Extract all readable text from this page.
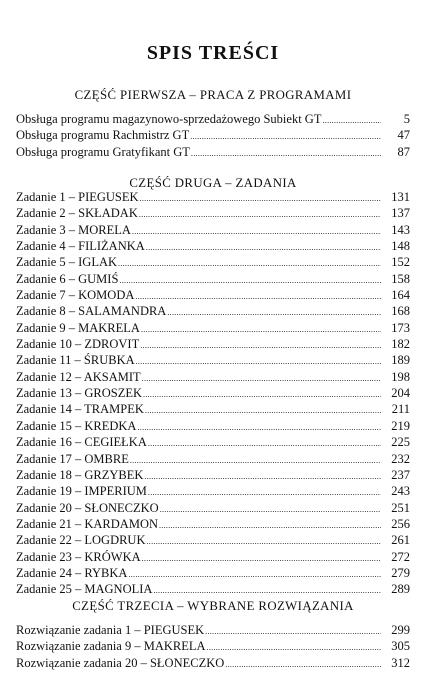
SPIS TREŚCI
CZĘŚĆ PIERWSZA – PRACA Z PROGRAMAMI
Obsługa programu magazynowo-sprzedażowego Subiekt GT .....	5
Obsługa programu Rachmistrz GT .....	47
Obsługa programu Gratyfikant GT .....	87
CZĘŚĆ DRUGA – ZADANIA
Zadanie 1 – PIEGUSEK .....	131
Zadanie 2 – SKŁADAK .....	137
Zadanie 3 – MORELA .....	143
Zadanie 4 – FILIŻANKA .....	148
Zadanie 5 – IGLAK .....	152
Zadanie 6 – GUMIŚ .....	158
Zadanie 7 – KOMODA .....	164
Zadanie 8 – SALAMANDRA .....	168
Zadanie 9 – MAKRELA .....	173
Zadanie 10 – ZDROVIT .....	182
Zadanie 11 – ŚRUBKA .....	189
Zadanie 12 – AKSAMIT .....	198
Zadanie 13 – GROSZEK .....	204
Zadanie 14 – TRAMPEK .....	211
Zadanie 15 – KREDKA .....	219
Zadanie 16 – CEGIEŁKA .....	225
Zadanie 17 – OMBRE .....	232
Zadanie 18 – GRZYBEK .....	237
Zadanie 19 – IMPERIUM .....	243
Zadanie 20 – SŁONECZKO .....	251
Zadanie 21 – KARDAMON .....	256
Zadanie 22 – LOGDRUK .....	261
Zadanie 23 – KRÓWKA .....	272
Zadanie 24 – RYBKA .....	279
Zadanie 25 – MAGNOLIA .....	289
CZĘŚĆ TRZECIA – WYBRANE ROZWIĄZANIA
Rozwiązanie zadania 1 – PIEGUSEK .....	299
Rozwiązanie zadania 9 – MAKRELA .....	305
Rozwiązanie zadania 20 – SŁONECZKO .....	312
